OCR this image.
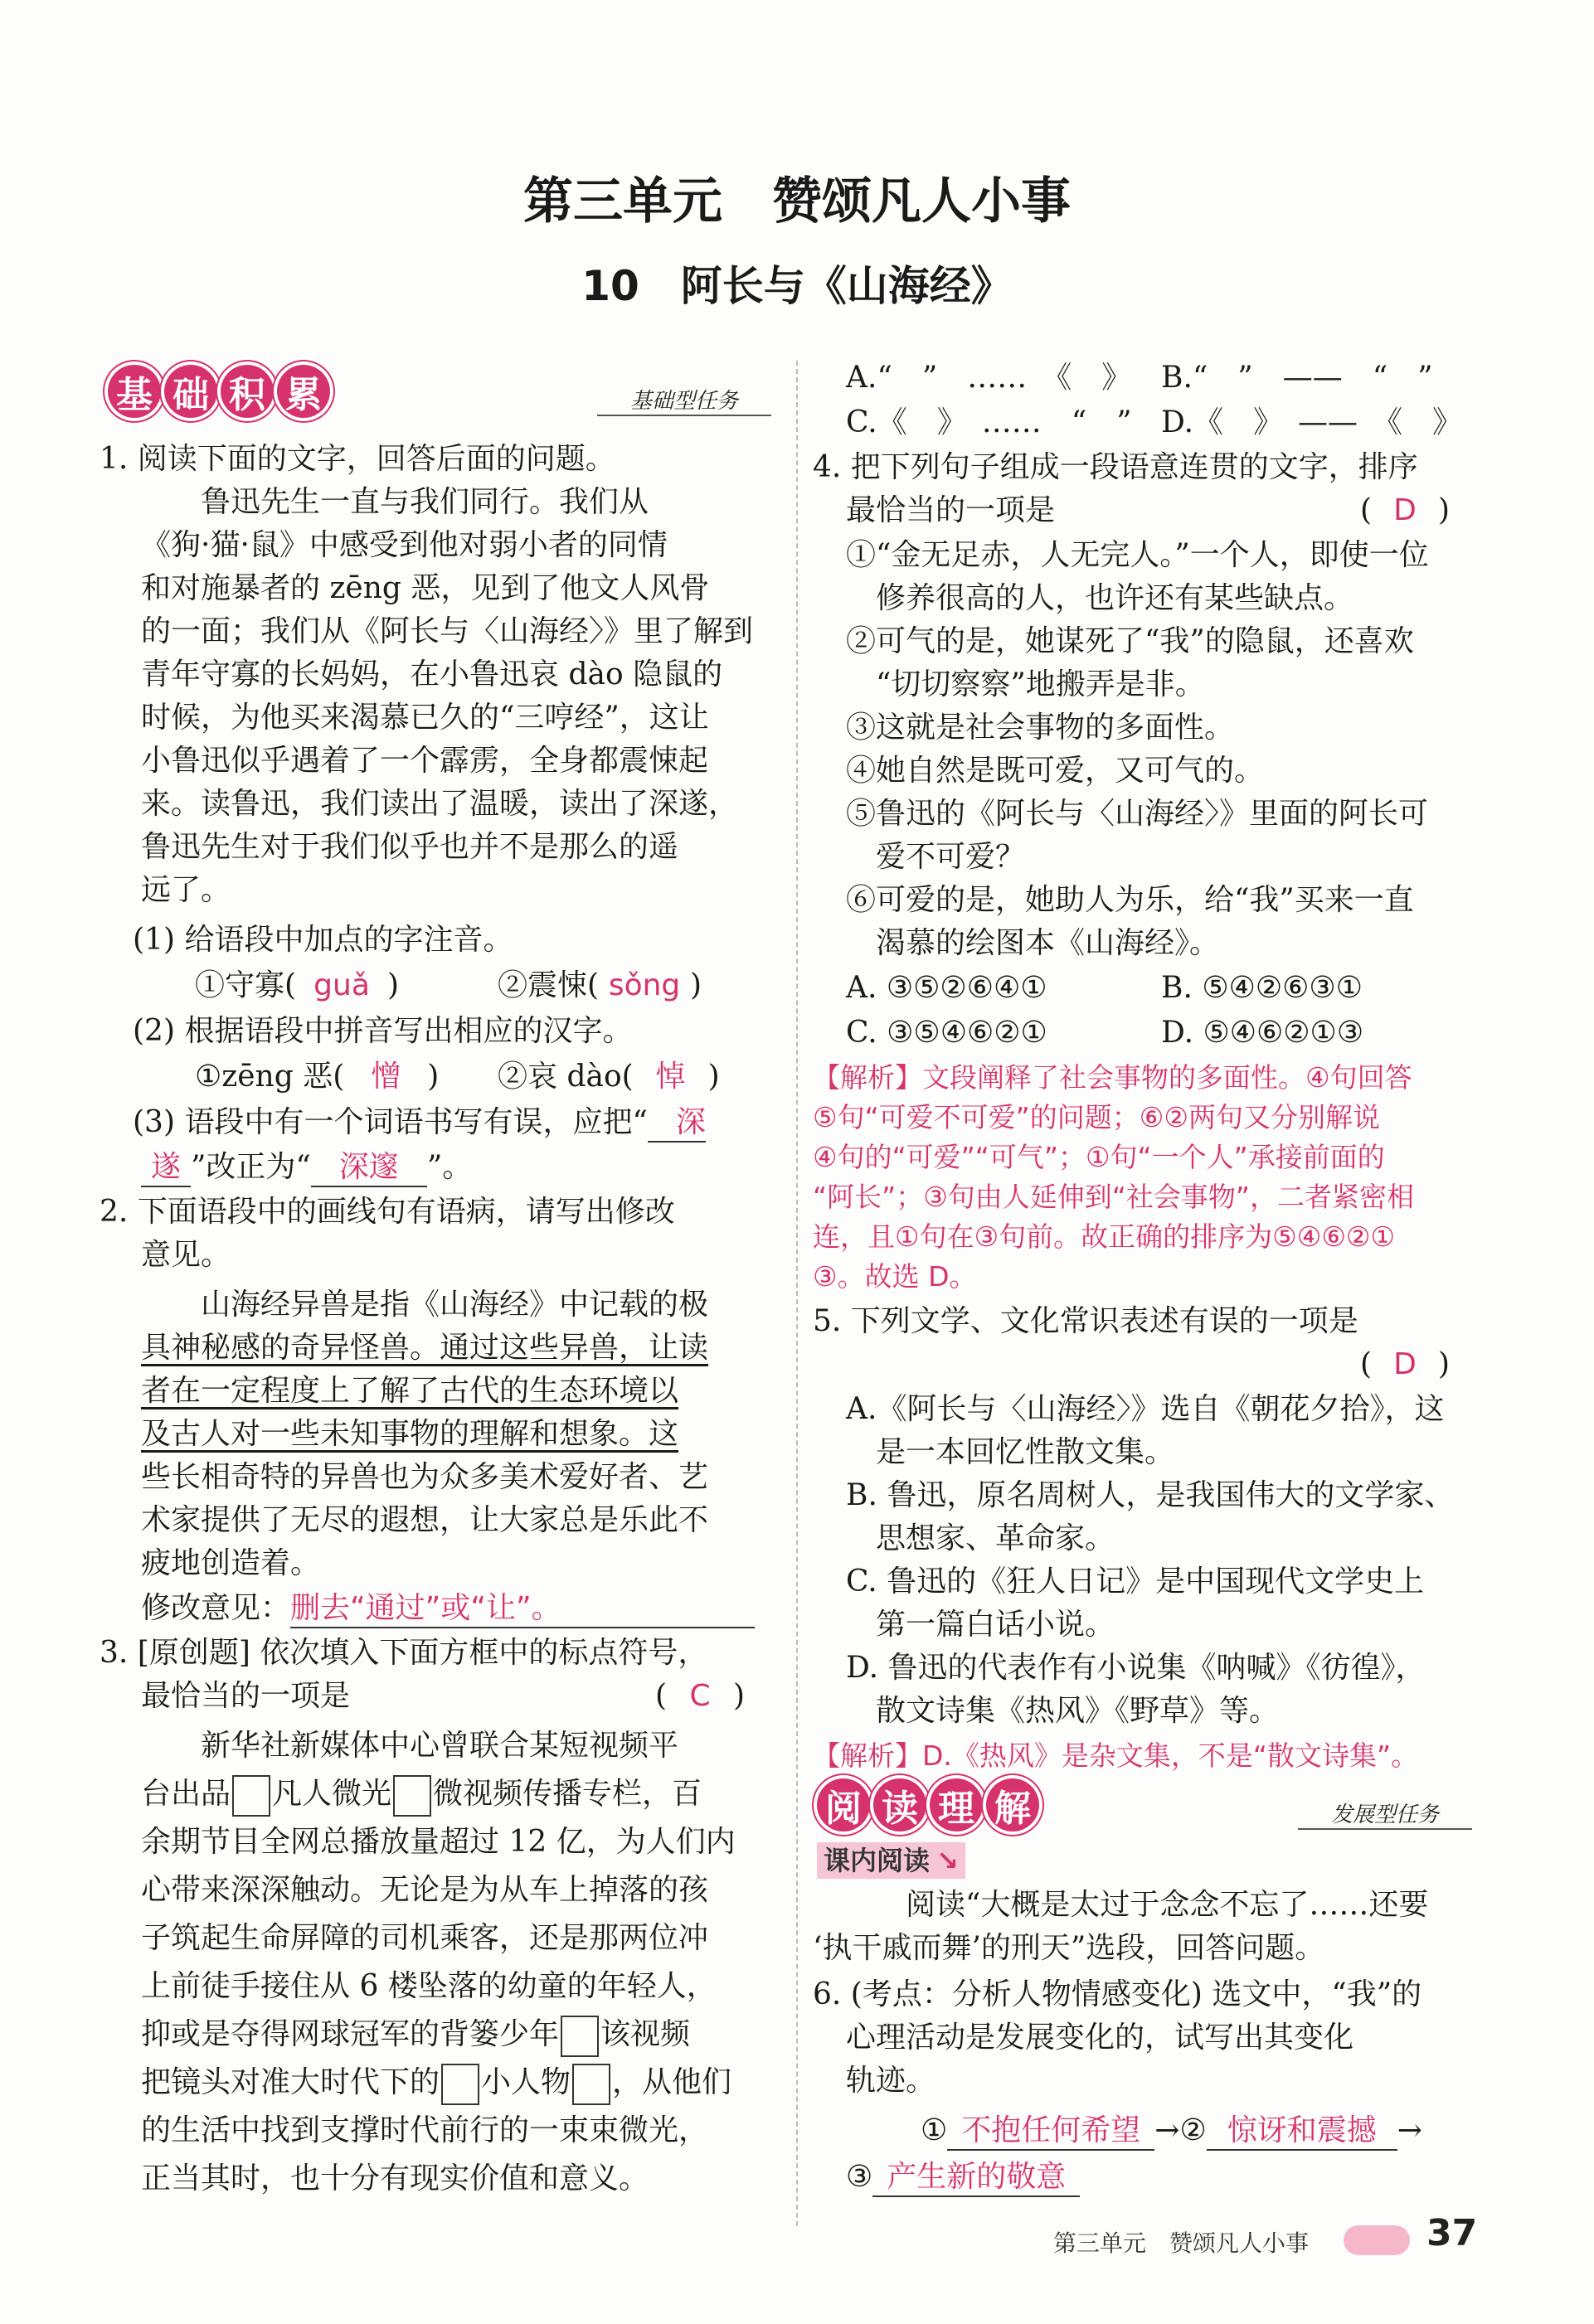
第三单元　赞颂凡人小事
10　阿长与《山海经》
基 础 积 累	基础型任务
1. 阅读下面的文字，回答后面的问题。
　　鲁迅先生一直与我们同行。我们从
《狗·猫·鼠》中感受到他对弱小者的同情
和对施暴者的 zēng 恶，见到了他文人风骨
的一面；我们从《阿长与〈山海经〉》里了解到
青年守寡的长妈妈，在小鲁迅哀 dào 隐鼠的
时候，为他买来渴慕已久的“三哼经”，这让
小鲁迅似乎遇着了一个霹雳，全身都震悚起
来。读鲁迅，我们读出了温暖，读出了深遂，
鲁迅先生对于我们似乎也并不是那么的遥
远了。
(1) 给语段中加点的字注音。
①守寡( guǎ )	②震悚( sǒng )
(2) 根据语段中拼音写出相应的汉字。
①zēng 恶( 憎 ) ②哀 dào( 悼 )
(3) 语段中有一个词语书写有误，应把“ 深
遂 ”改正为“ 深邃 ”。
2. 下面语段中的画线句有语病，请写出修改
意见。
　　山海经异兽是指《山海经》中记载的极
具神秘感的奇异怪兽。通过这些异兽，让读
者在一定程度上了解了古代的生态环境以
及古人对一些未知事物的理解和想象。这
些长相奇特的异兽也为众多美术爱好者、艺
术家提供了无尽的遐想，让大家总是乐此不
疲地创造着。
修改意见：删去“通过”或“让”。
3. [原创题] 依次填入下面方框中的标点符号，
最恰当的一项是	( C )
　　新华社新媒体中心曾联合某短视频平
台出品 凡人微光 微视频传播专栏，百
余期节目全网总播放量超过 12 亿，为人们内
心带来深深触动。无论是为从车上掉落的孩
子筑起生命屏障的司机乘客，还是那两位冲
上前徒手接住从 6 楼坠落的幼童的年轻人，
抑或是夺得网球冠军的背篓少年 该视频
把镜头对准大时代下的 小人物 ，从他们
的生活中找到支撑时代前行的一束束微光，
正当其时，也十分有现实价值和意义。
A.“　”　……　《　》 B.“　”　——　“　”
C.《　》　……　“　” D.《　》　——　《　》
4. 把下列句子组成一段语意连贯的文字，排序
最恰当的一项是	( D )
①“金无足赤，人无完人。”一个人，即使一位
　修养很高的人，也许还有某些缺点。
②可气的是，她谋死了“我”的隐鼠，还喜欢
　“切切察察”地搬弄是非。
③这就是社会事物的多面性。
④她自然是既可爱，又可气的。
⑤鲁迅的《阿长与〈山海经〉》里面的阿长可
　爱不可爱？
⑥可爱的是，她助人为乐，给“我”买来一直
　渴慕的绘图本《山海经》。
A. ③⑤②⑥④①	B. ⑤④②⑥③①
C. ③⑤④⑥②①	D. ⑤④⑥②①③
【解析】文段阐释了社会事物的多面性。④句回答
⑤句“可爱不可爱”的问题；⑥②两句又分别解说
④句的“可爱”“可气”；①句“一个人”承接前面的
“阿长”；③句由人延伸到“社会事物”，二者紧密相
连，且①句在③句前。故正确的排序为⑤④⑥②①
③。故选 D。
5. 下列文学、文化常识表述有误的一项是
( D )
A.《阿长与〈山海经〉》选自《朝花夕拾》，这
　是一本回忆性散文集。
B. 鲁迅，原名周树人，是我国伟大的文学家、
　思想家、革命家。
C. 鲁迅的《狂人日记》是中国现代文学史上
　第一篇白话小说。
D. 鲁迅的代表作有小说集《呐喊》《彷徨》，
　散文诗集《热风》《野草》等。
【解析】D.《热风》是杂文集，不是“散文诗集”。
阅 读 理 解	发展型任务
课内阅读 ↘
　　阅读“大概是太过于念念不忘了……还要
‘执干戚而舞’的刑天”选段，回答问题。
6. (考点：分析人物情感变化) 选文中，“我”的
心理活动是发展变化的，试写出其变化
轨迹。
① 不抱任何希望 →② 惊讶和震撼 →
③ 产生新的敬意
第三单元　赞颂凡人小事	37
